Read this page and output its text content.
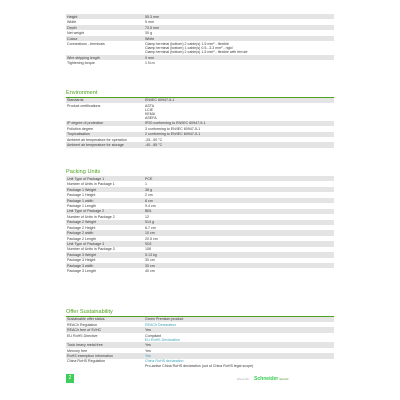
Height	55.3 mm
Width	5 mm
Depth	73.5 mm
Net weight	30 g
Colour	White
Connections - terminals	Clamp terminal (bottom) 2 cable(s) 1.5 mm² - flexible
Clamp terminal (bottom) 1 cable(s) 0.5...3.3 mm² - rigid
Clamp terminal (bottom) 2 cable(s) 1.5 mm² - flexible with ferrule
Wire stripping length	9 mm
Tightening torque	1 N.m
Environment
Standards	EN/IEC 60947-5-1
Product certifications	ASTA
LCIE
KEMA
ASEFA
IP degree of protection	IP20 conforming to EN/IEC 60947-5-1
Pollution degree	3 conforming to EN/IEC 60947-5-1
Tropicalisation	2 conforming to EN/IEC 60947-5-1
Ambient air temperature for operation	-25...50 °C
Ambient air temperature for storage	-40...85 °C
Packing Units
Unit Type of Package 1	PCE
Number of Units in Package 1	1
Package 1 Weight	38 g
Package 1 Height	2 cm
Package 1 width	8 cm
Package 1 Length	9.4 cm
Unit Type of Package 2	BB1
Number of Units in Package 2	12
Package 2 Weight	514 g
Package 2 Height	6.7 cm
Package 2 width	10 cm
Package 2 Length	20.5 cm
Unit Type of Package 3	S03
Number of Units in Package 3	108
Package 3 Weight	5.13 kg
Package 3 Height	30 cm
Package 3 width	30 cm
Package 3 Length	40 cm
Offer Sustainability
Sustainable offer status	Green Premium product
REACh Regulation	REACh Declaration
REACh free of SVHC	Yes
EU RoHS Directive	Compliant
EU RoHS Declaration
Toxic heavy metal free	Yes
Mercury free	Yes
RoHS exemption information	Yes
China RoHS Regulation	China RoHS declaration
Pro-active China RoHS declaration (out of China RoHS legal scope)
2	Life Is On Schneider Electric
